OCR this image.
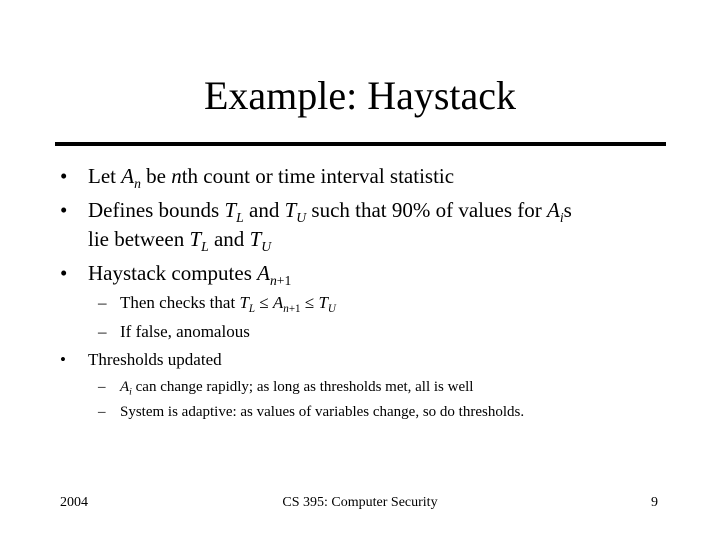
Example: Haystack
• Let $A_n$ be nth count or time interval statistic
• Defines bounds $T_L$ and $T_U$ such that 90% of values for $A_is$
lie between $T_L$ and $T_U$
• Haystack computes $A_{n+1}$
– Then checks that $T_L \le A_{n+1} \le T_U$
– If false, anomalous
• Thresholds updated
– $A_i$ can change rapidly; as long as thresholds met, all is well
– System is adaptive: as values of variables change, so do thresholds.
2004	CS 395: Computer Security	9
